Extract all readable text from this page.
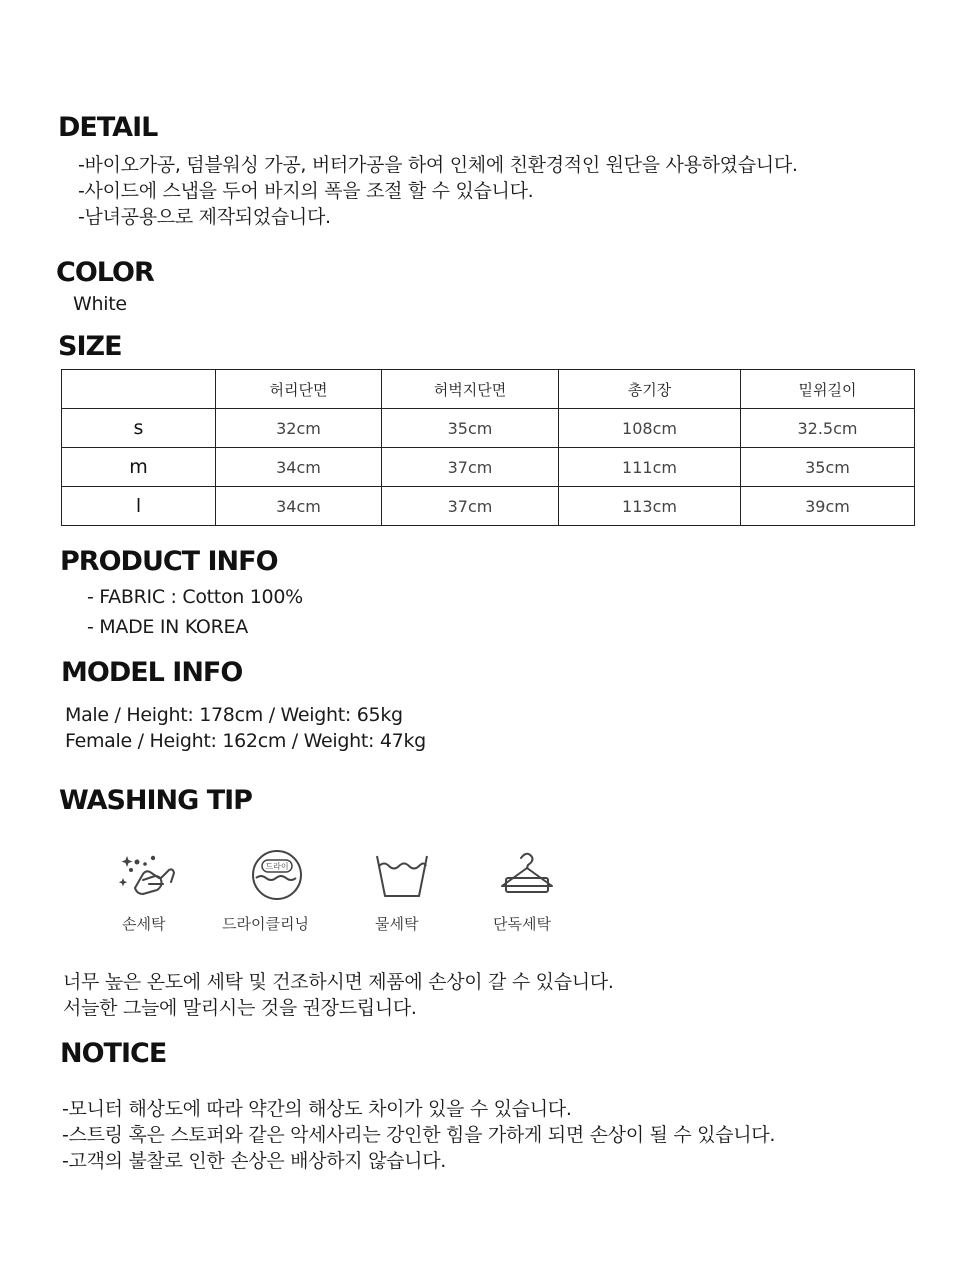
DETAIL

-바이오가공, 덤블워싱 가공, 버터가공을 하여 인체에 친환경적인 원단을 사용하였습니다.

-사이드에 스냅을 두어 바지의 폭을 조절 할 수 있습니다.

-남녀공용으로 제작되었습니다.

COLOR

White

SIZE
	허리단면	허벅지단면	총기장	밑위길이
s	32cm	35cm	108cm	32.5cm
m	34cm	37cm	111cm	35cm
l	34cm	37cm	113cm	39cm
PRODUCT INFO

- FABRIC : Cotton 100%

- MADE IN KOREA

MODEL INFO

Male / Height: 178cm / Weight: 65kg

Female / Height: 162cm / Weight: 47kg

WASHING TIP
손세탁
드라이
드라이클리닝	물세탁	단독세탁

너무 높은 온도에 세탁 및 건조하시면 제품에 손상이 갈 수 있습니다.

서늘한 그늘에 말리시는 것을 권장드립니다.

NOTICE

-모니터 해상도에 따라 약간의 해상도 차이가 있을 수 있습니다.

-스트링 혹은 스토퍼와 같은 악세사리는 강인한 힘을 가하게 되면 손상이 될 수 있습니다.

-고객의 불찰로 인한 손상은 배상하지 않습니다.
